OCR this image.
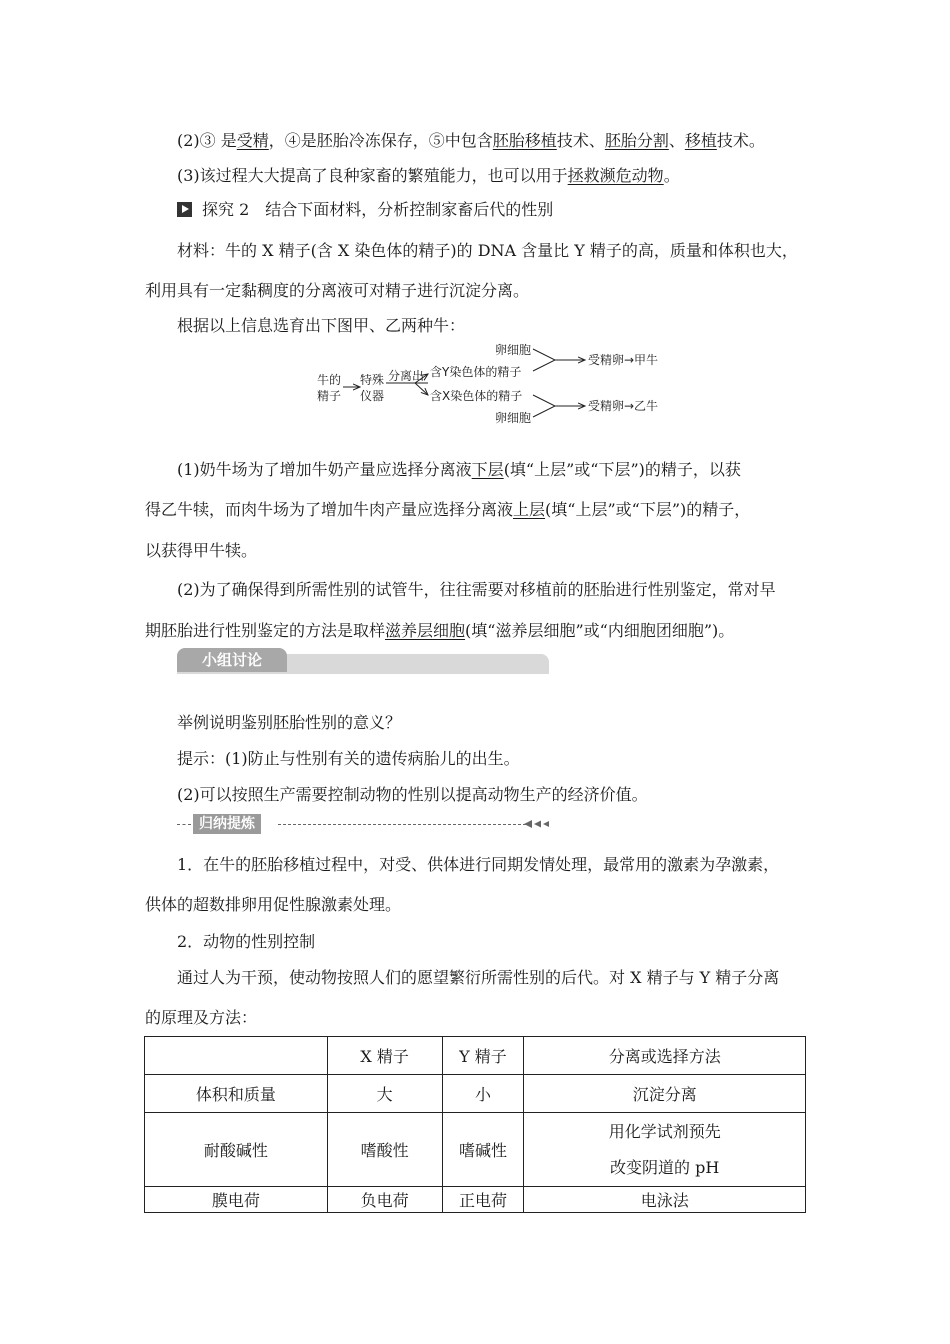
(2)③ 是受精，④是胚胎冷冻保存，⑤中包含胚胎移植技术、胚胎分割、移植技术。
(3)该过程大大提高了良种家畜的繁殖能力，也可以用于拯救濒危动物。
探究 2　结合下面材料，分析控制家畜后代的性别
材料：牛的 X 精子(含 X 染色体的精子)的 DNA 含量比 Y 精子的高，质量和体积也大，
利用具有一定黏稠度的分离液可对精子进行沉淀分离。
根据以上信息选育出下图甲、乙两种牛：
牛的
精子
特殊
仪器
分离出
卵细胞
含Y染色体的精子
含X染色体的精子
卵细胞
受精卵→甲牛
受精卵→乙牛
(1)奶牛场为了增加牛奶产量应选择分离液下层(填“上层”或“下层”)的精子，以获
得乙牛犊，而肉牛场为了增加牛肉产量应选择分离液上层(填“上层”或“下层”)的精子，
以获得甲牛犊。
(2)为了确保得到所需性别的试管牛，往往需要对移植前的胚胎进行性别鉴定，常对早
期胚胎进行性别鉴定的方法是取样滋养层细胞(填“滋养层细胞”或“内细胞团细胞”)。
小组讨论
举例说明鉴别胚胎性别的意义？
提示：(1)防止与性别有关的遗传病胎儿的出生。
(2)可以按照生产需要控制动物的性别以提高动物生产的经济价值。
归纳提炼
1．在牛的胚胎移植过程中，对受、供体进行同期发情处理，最常用的激素为孕激素，
供体的超数排卵用促性腺激素处理。
2．动物的性别控制
通过人为干预，使动物按照人们的愿望繁衍所需性别的后代。对 X 精子与 Y 精子分离
的原理及方法：
	X 精子	Y 精子	分离或选择方法
体积和质量	大	小	沉淀分离
耐酸碱性	嗜酸性	嗜碱性	用化学试剂预先
改变阴道的 pH

膜电荷	负电荷	正电荷	电泳法
